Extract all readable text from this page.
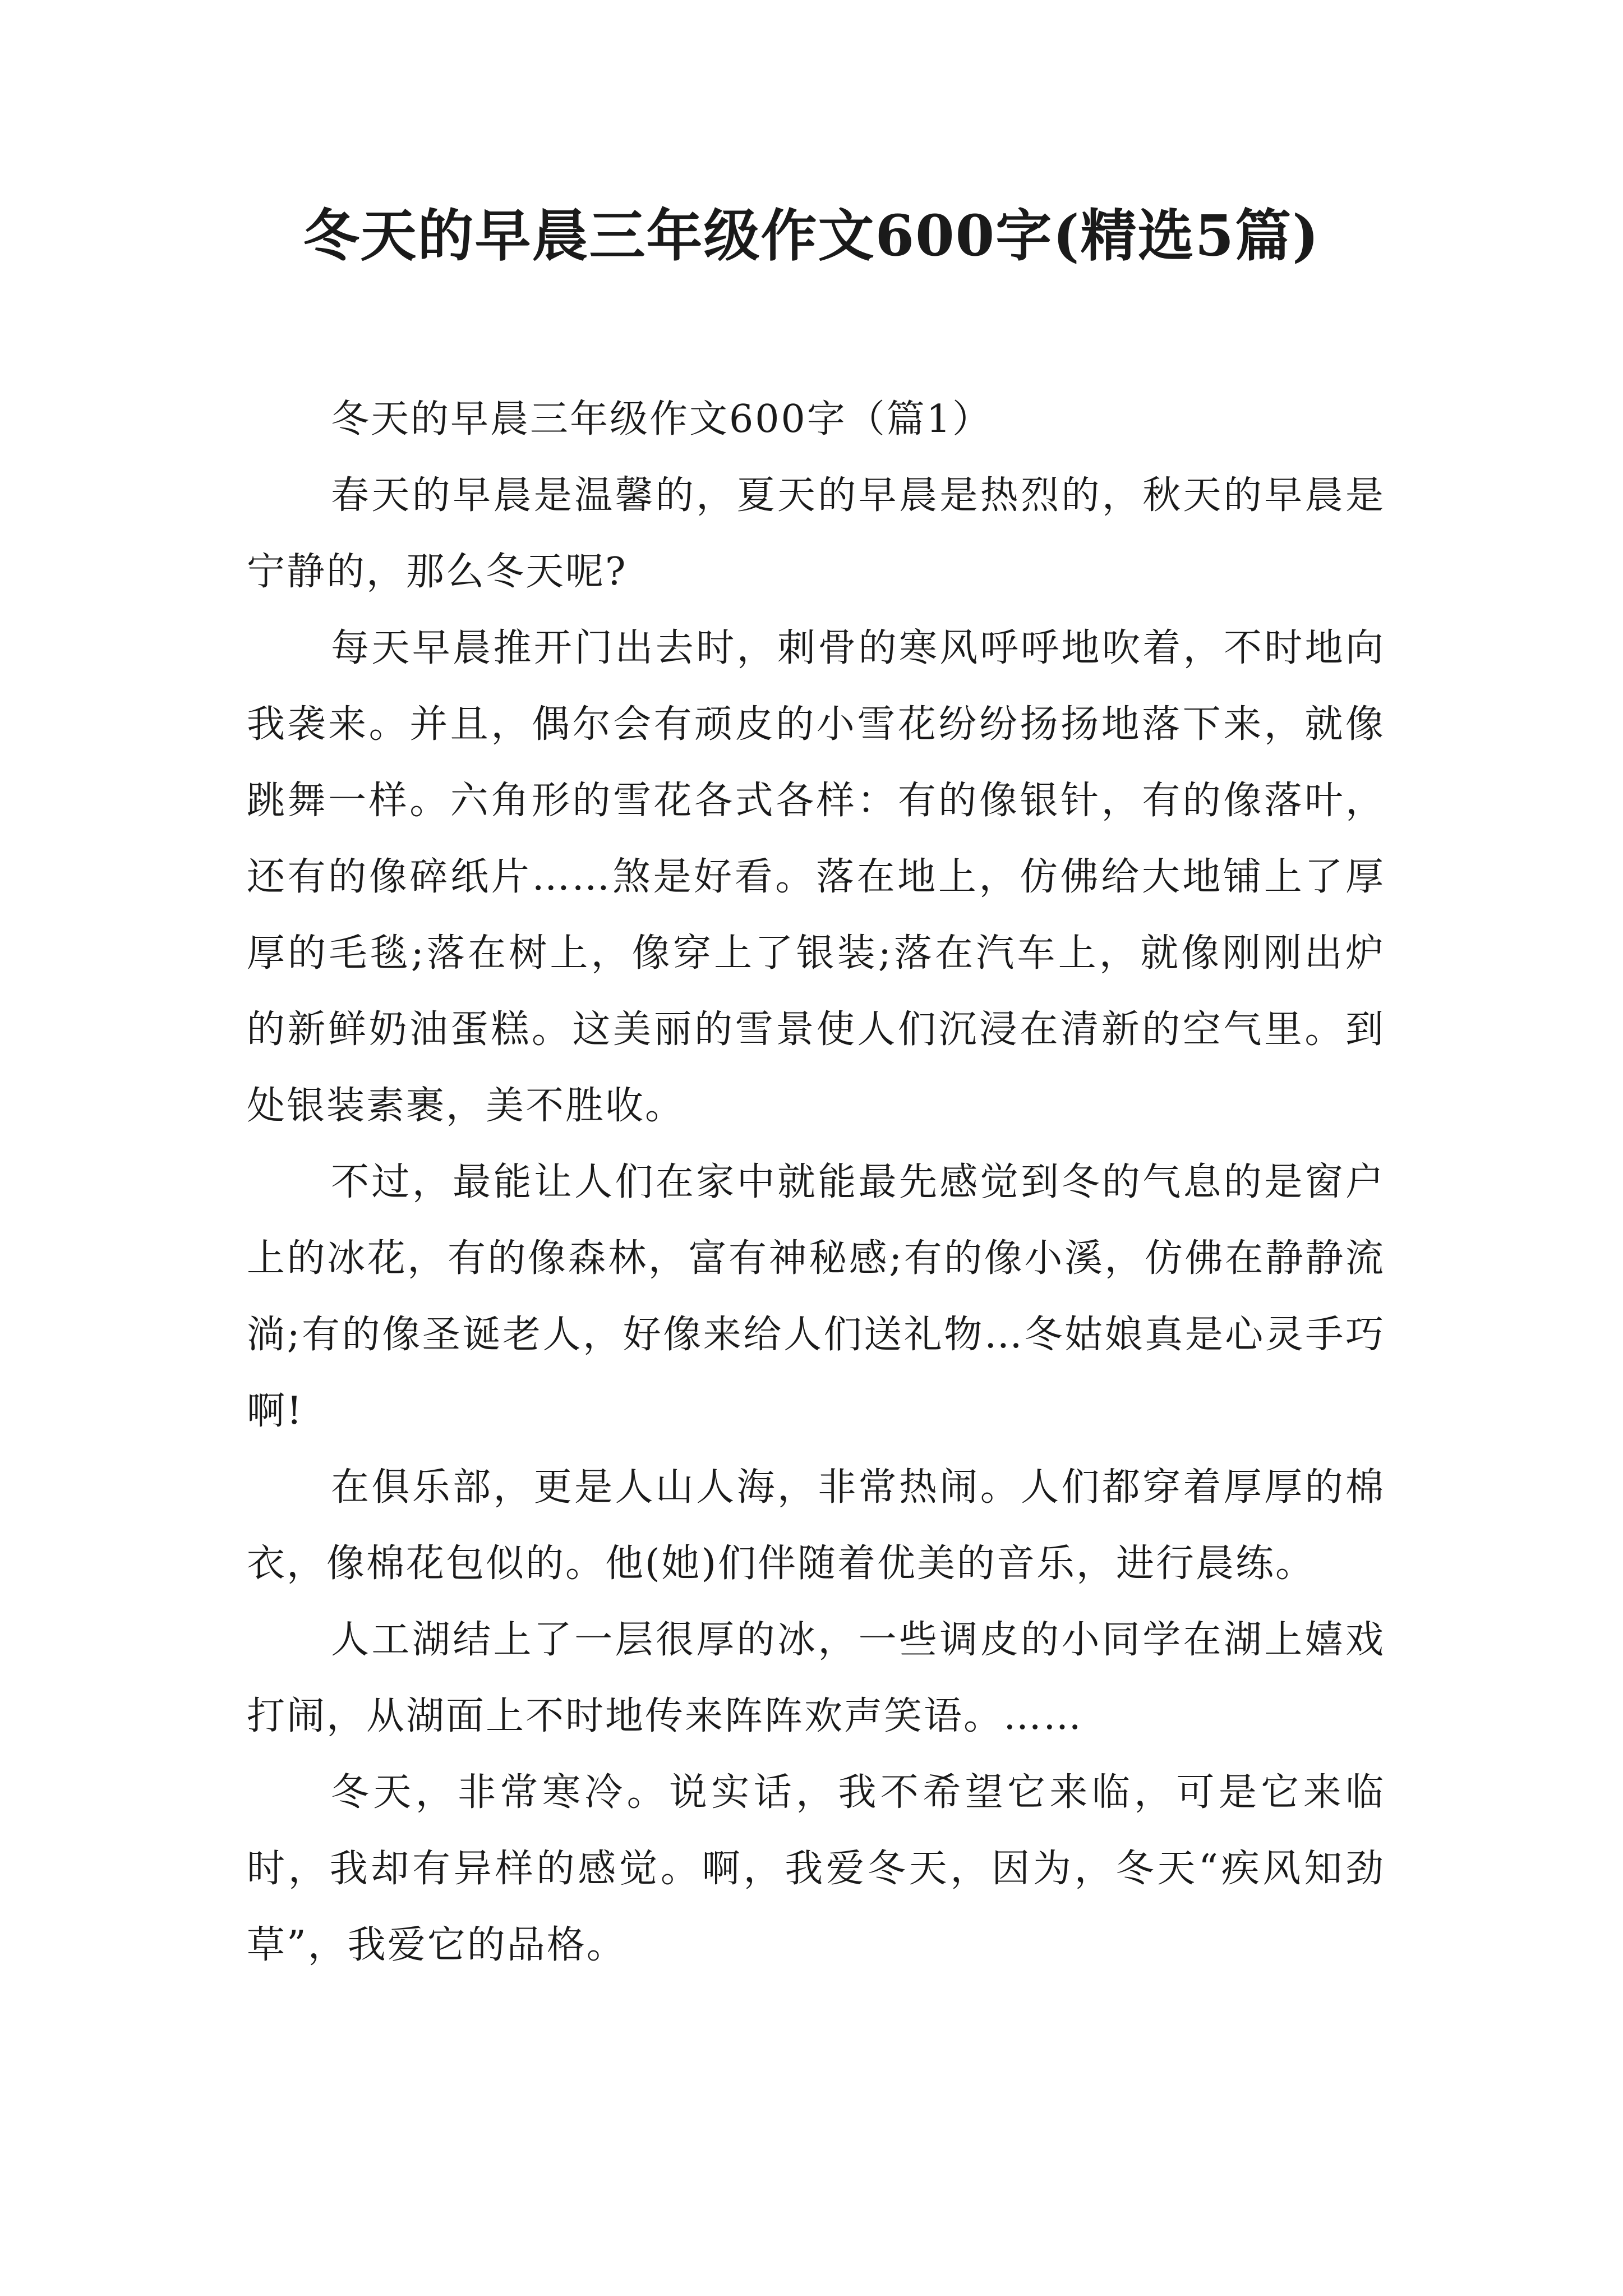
冬天的早晨三年级作文600字(精选5篇)

冬天的早晨三年级作文600字（篇1）

春天的早晨是温馨的，夏天的早晨是热烈的，秋天的早晨是宁静的，那么冬天呢?

每天早晨推开门出去时，刺骨的寒风呼呼地吹着，不时地向我袭来。并且，偶尔会有顽皮的小雪花纷纷扬扬地落下来，就像跳舞一样。六角形的雪花各式各样：有的像银针，有的像落叶，还有的像碎纸片……煞是好看。落在地上，仿佛给大地铺上了厚厚的毛毯;落在树上，像穿上了银装;落在汽车上，就像刚刚出炉的新鲜奶油蛋糕。这美丽的雪景使人们沉浸在清新的空气里。到处银装素裹，美不胜收。

不过，最能让人们在家中就能最先感觉到冬的气息的是窗户上的冰花，有的像森林，富有神秘感;有的像小溪，仿佛在静静流淌;有的像圣诞老人，好像来给人们送礼物…冬姑娘真是心灵手巧啊!

在俱乐部，更是人山人海，非常热闹。人们都穿着厚厚的棉衣，像棉花包似的。他(她)们伴随着优美的音乐，进行晨练。

人工湖结上了一层很厚的冰，一些调皮的小同学在湖上嬉戏打闹，从湖面上不时地传来阵阵欢声笑语。……

冬天，非常寒冷。说实话，我不希望它来临，可是它来临时，我却有异样的感觉。啊，我爱冬天，因为，冬天“疾风知劲草”，我爱它的品格。
